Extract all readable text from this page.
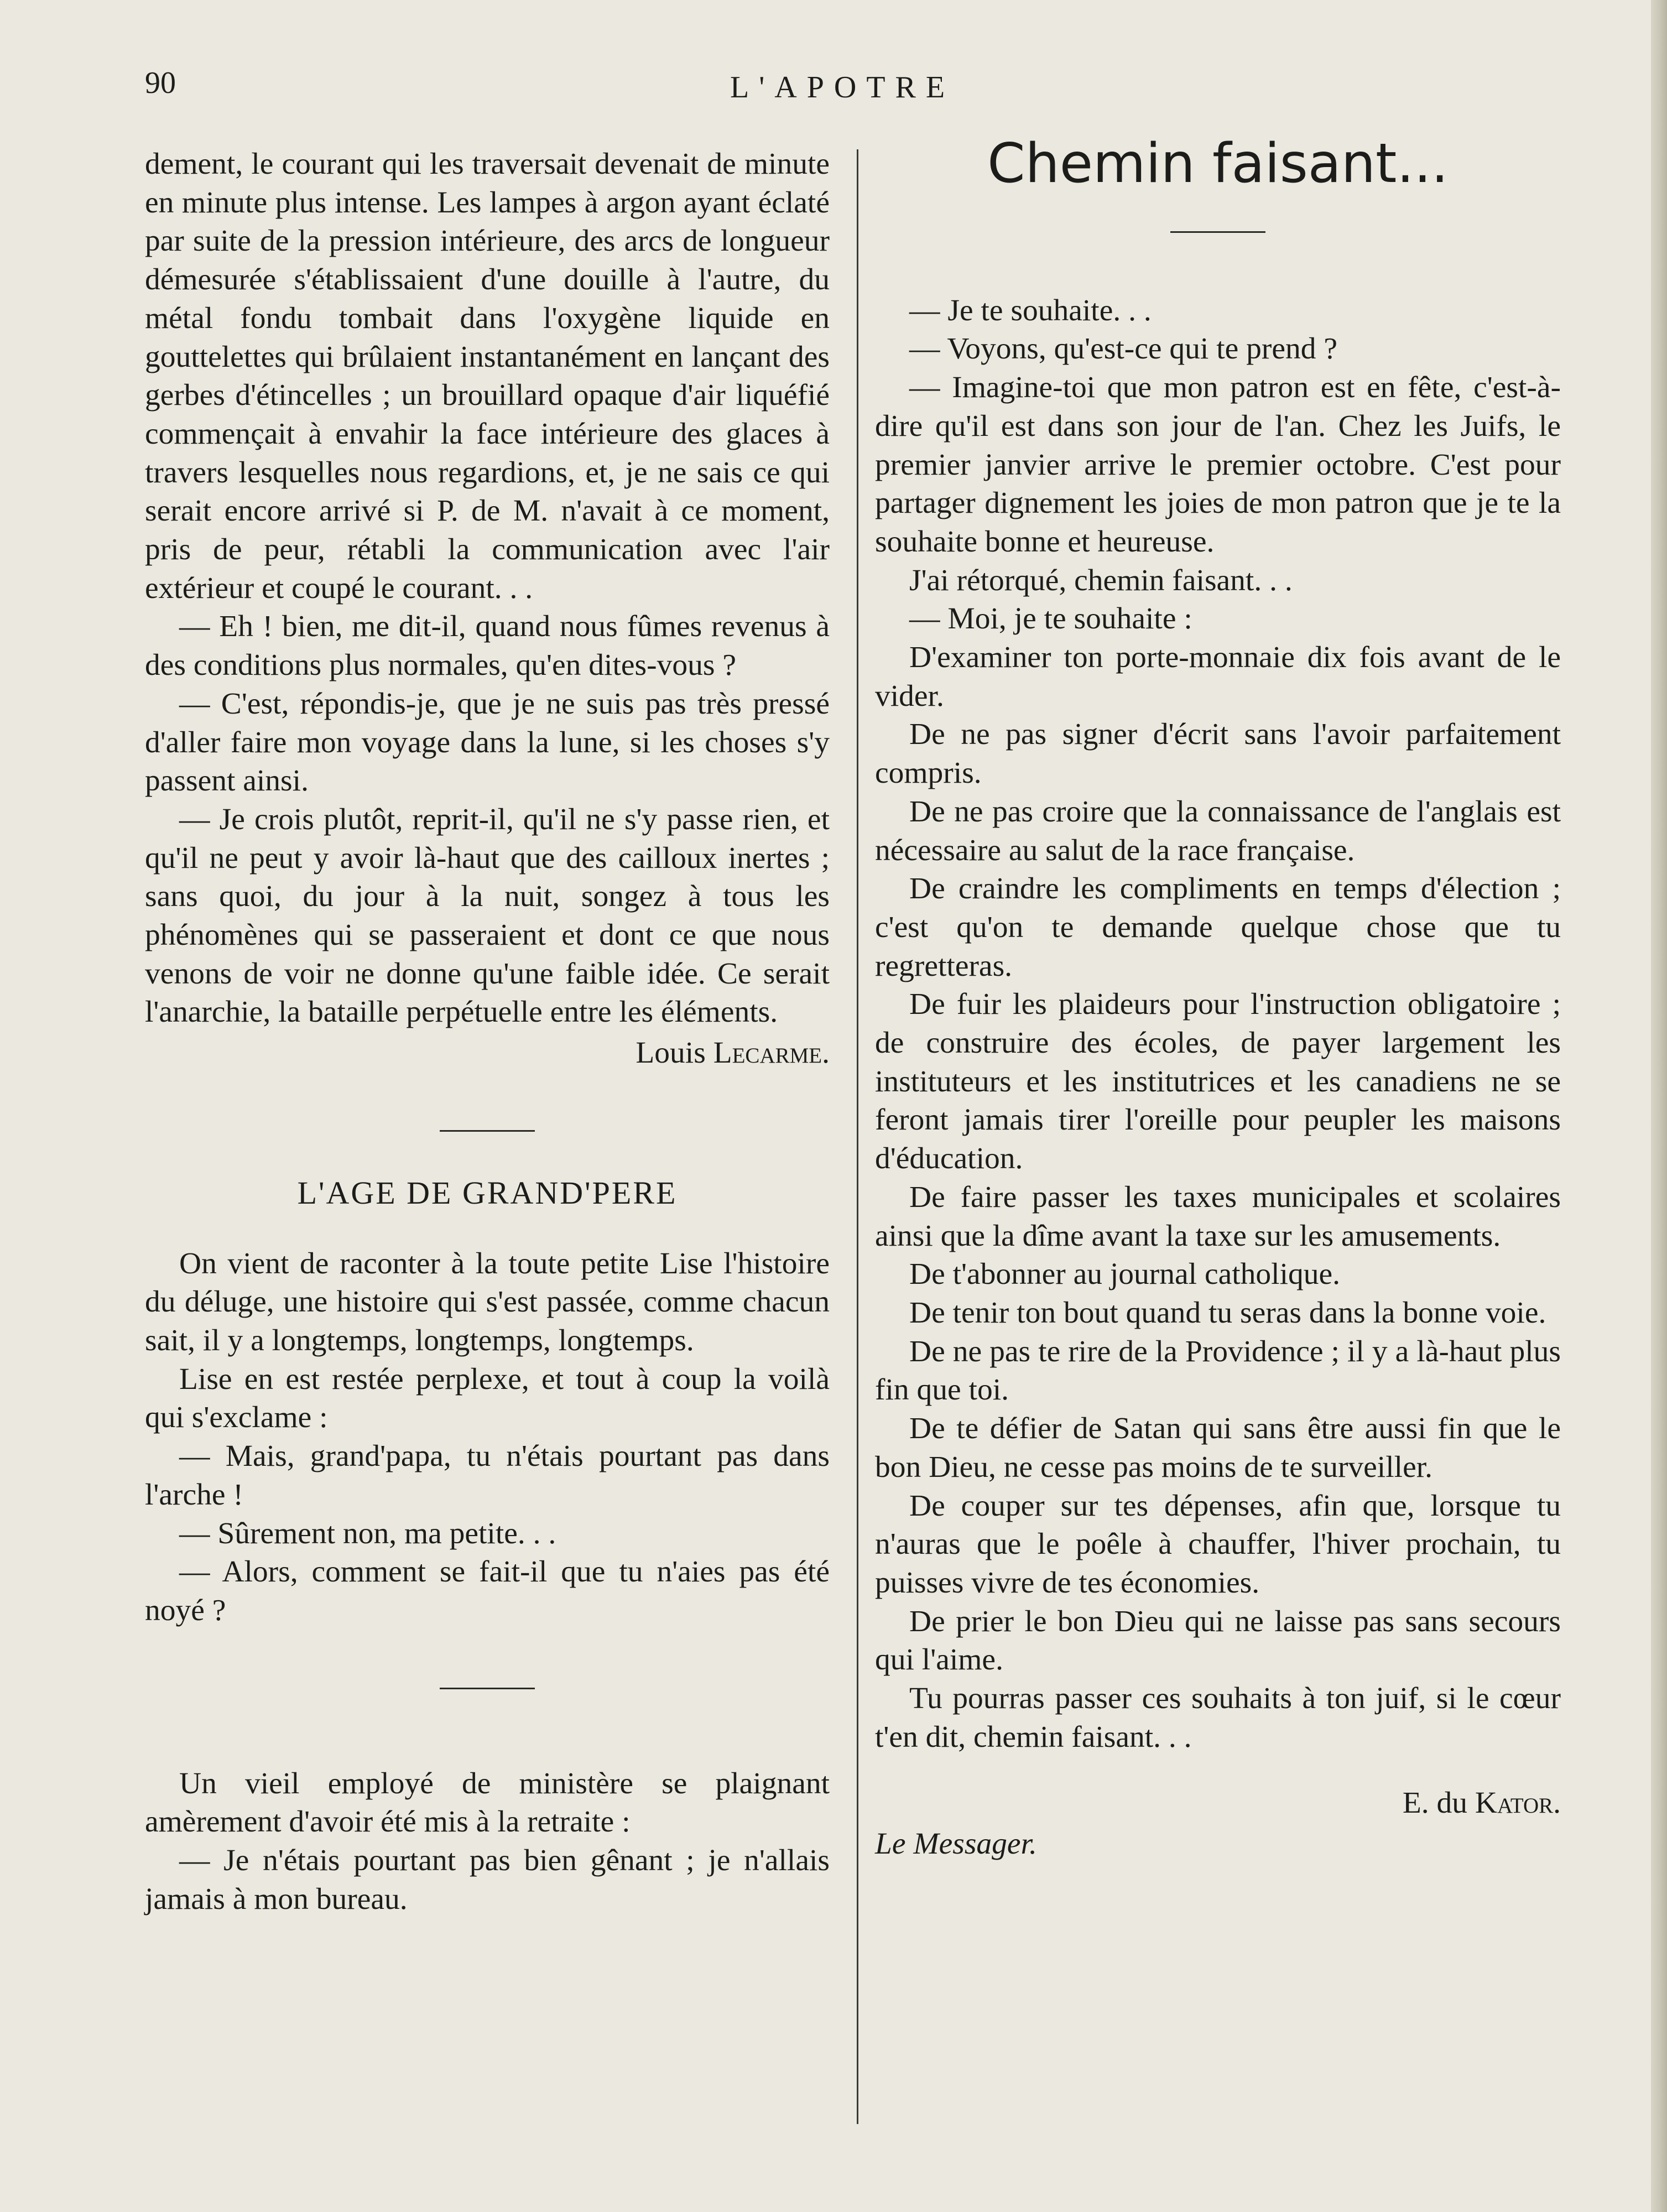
90	L'APOTRE

dement, le courant qui les traversait devenait de minute en minute plus intense. Les lampes à argon ayant éclaté par suite de la pression intérieure, des arcs de longueur démesurée s'établissaient d'une douille à l'autre, du métal fondu tombait dans l'oxygène liquide en gouttelettes qui brûlaient instantanément en lançant des gerbes d'étincelles ; un brouillard opaque d'air liquéfié commençait à envahir la face intérieure des glaces à travers lesquelles nous regardions, et, je ne sais ce qui serait encore arrivé si P. de M. n'avait à ce moment, pris de peur, rétabli la communication avec l'air extérieur et coupé le courant. . .

— Eh ! bien, me dit-il, quand nous fûmes revenus à des conditions plus normales, qu'en dites-vous ?

— C'est, répondis-je, que je ne suis pas très pressé d'aller faire mon voyage dans la lune, si les choses s'y passent ainsi.

— Je crois plutôt, reprit-il, qu'il ne s'y passe rien, et qu'il ne peut y avoir là-haut que des cailloux inertes ; sans quoi, du jour à la nuit, songez à tous les phénomènes qui se passeraient et dont ce que nous venons de voir ne donne qu'une faible idée. Ce serait l'anarchie, la bataille perpétuelle entre les éléments.

Louis Lecarme.

L'AGE DE GRAND'PERE

On vient de raconter à la toute petite Lise l'histoire du déluge, une histoire qui s'est passée, comme chacun sait, il y a longtemps, longtemps, longtemps.

Lise en est restée perplexe, et tout à coup la voilà qui s'exclame :

— Mais, grand'papa, tu n'étais pourtant pas dans l'arche !

— Sûrement non, ma petite. . .

— Alors, comment se fait-il que tu n'aies pas été noyé ?

Un vieil employé de ministère se plaignant amèrement d'avoir été mis à la retraite :

— Je n'étais pourtant pas bien gênant ; je n'allais jamais à mon bureau.

Chemin faisant...

— Je te souhaite. . .

— Voyons, qu'est-ce qui te prend ?

— Imagine-toi que mon patron est en fête, c'est-à-dire qu'il est dans son jour de l'an. Chez les Juifs, le premier janvier arrive le premier octobre. C'est pour partager dignement les joies de mon patron que je te la souhaite bonne et heureuse.

J'ai rétorqué, chemin faisant. . .

— Moi, je te souhaite :

D'examiner ton porte-monnaie dix fois avant de le vider.

De ne pas signer d'écrit sans l'avoir parfaitement compris.

De ne pas croire que la connaissance de l'anglais est nécessaire au salut de la race française.

De craindre les compliments en temps d'élection ; c'est qu'on te demande quelque chose que tu regretteras.

De fuir les plaideurs pour l'instruction obligatoire ; de construire des écoles, de payer largement les instituteurs et les institutrices et les canadiens ne se feront jamais tirer l'oreille pour peupler les maisons d'éducation.

De faire passer les taxes municipales et scolaires ainsi que la dîme avant la taxe sur les amusements.

De t'abonner au journal catholique.

De tenir ton bout quand tu seras dans la bonne voie.

De ne pas te rire de la Providence ; il y a là-haut plus fin que toi.

De te défier de Satan qui sans être aussi fin que le bon Dieu, ne cesse pas moins de te surveiller.

De couper sur tes dépenses, afin que, lorsque tu n'auras que le poêle à chauffer, l'hiver prochain, tu puisses vivre de tes économies.

De prier le bon Dieu qui ne laisse pas sans secours qui l'aime.

Tu pourras passer ces souhaits à ton juif, si le cœur t'en dit, chemin faisant. . .

E. du Kator.

Le Messager.
